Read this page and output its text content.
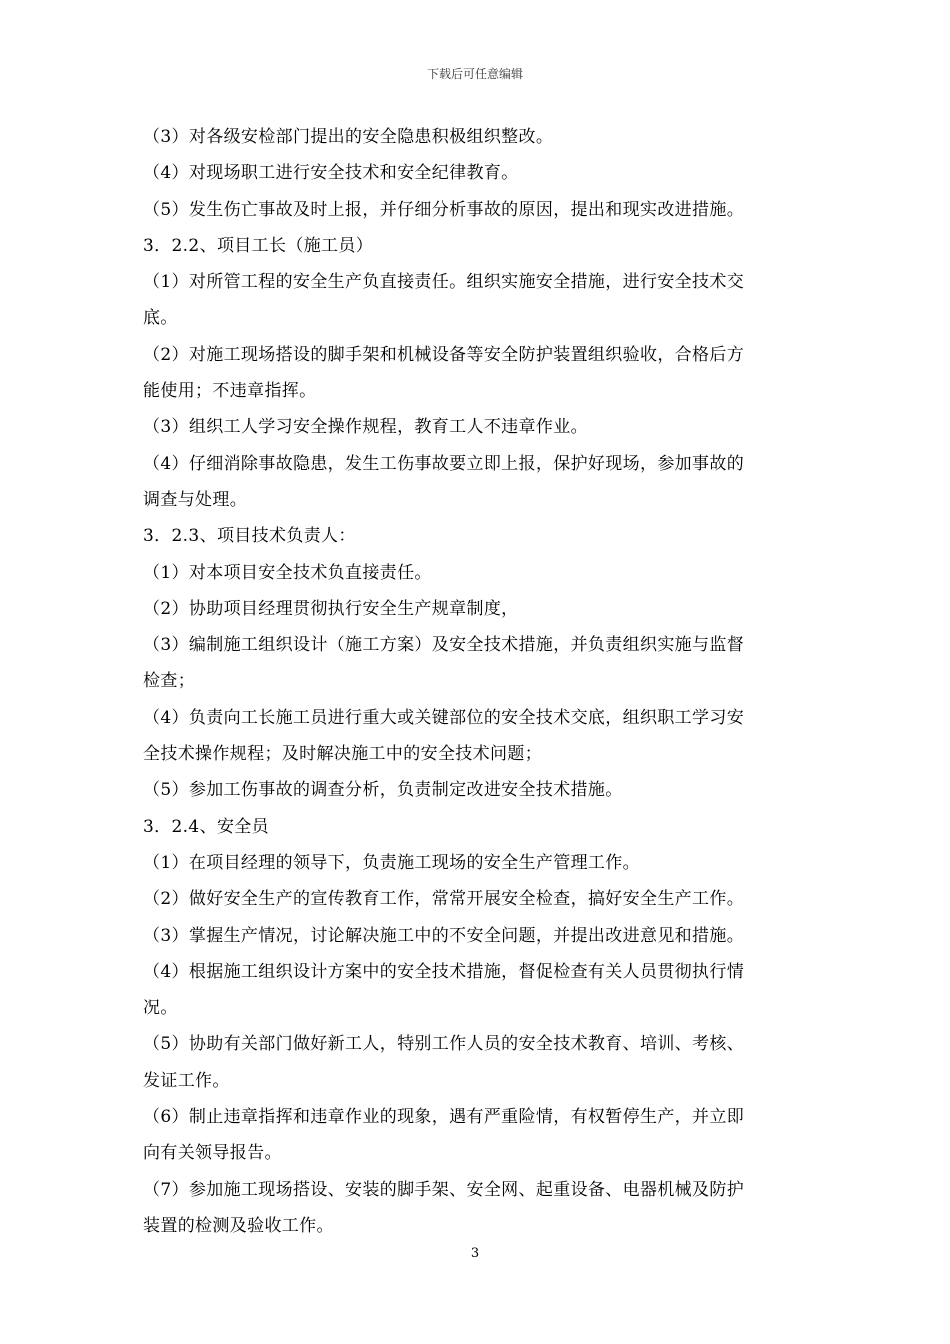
下载后可任意编辑

（3）对各级安检部门提出的安全隐患积极组织整改。

（4）对现场职工进行安全技术和安全纪律教育。

（5）发生伤亡事故及时上报，并仔细分析事故的原因，提出和现实改进措施。

3．2.2、项目工长（施工员）

（1）对所管工程的安全生产负直接责任。组织实施安全措施，进行安全技术交

底。

（2）对施工现场搭设的脚手架和机械设备等安全防护装置组织验收，合格后方

能使用；不违章指挥。

（3）组织工人学习安全操作规程，教育工人不违章作业。

（4）仔细消除事故隐患，发生工伤事故要立即上报，保护好现场，参加事故的

调查与处理。

3．2.3、项目技术负责人：

（1）对本项目安全技术负直接责任。

（2）协助项目经理贯彻执行安全生产规章制度，

（3）编制施工组织设计（施工方案）及安全技术措施，并负责组织实施与监督

检查；

（4）负责向工长施工员进行重大或关键部位的安全技术交底，组织职工学习安

全技术操作规程；及时解决施工中的安全技术问题；

（5）参加工伤事故的调查分析，负责制定改进安全技术措施。

3．2.4、安全员

（1）在项目经理的领导下，负责施工现场的安全生产管理工作。

（2）做好安全生产的宣传教育工作，常常开展安全检查，搞好安全生产工作。

（3）掌握生产情况，讨论解决施工中的不安全问题，并提出改进意见和措施。

（4）根据施工组织设计方案中的安全技术措施，督促检查有关人员贯彻执行情

况。

（5）协助有关部门做好新工人，特别工作人员的安全技术教育、培训、考核、

发证工作。

（6）制止违章指挥和违章作业的现象，遇有严重险情，有权暂停生产，并立即

向有关领导报告。

（7）参加施工现场搭设、安装的脚手架、安全网、起重设备、电器机械及防护

装置的检测及验收工作。

3
